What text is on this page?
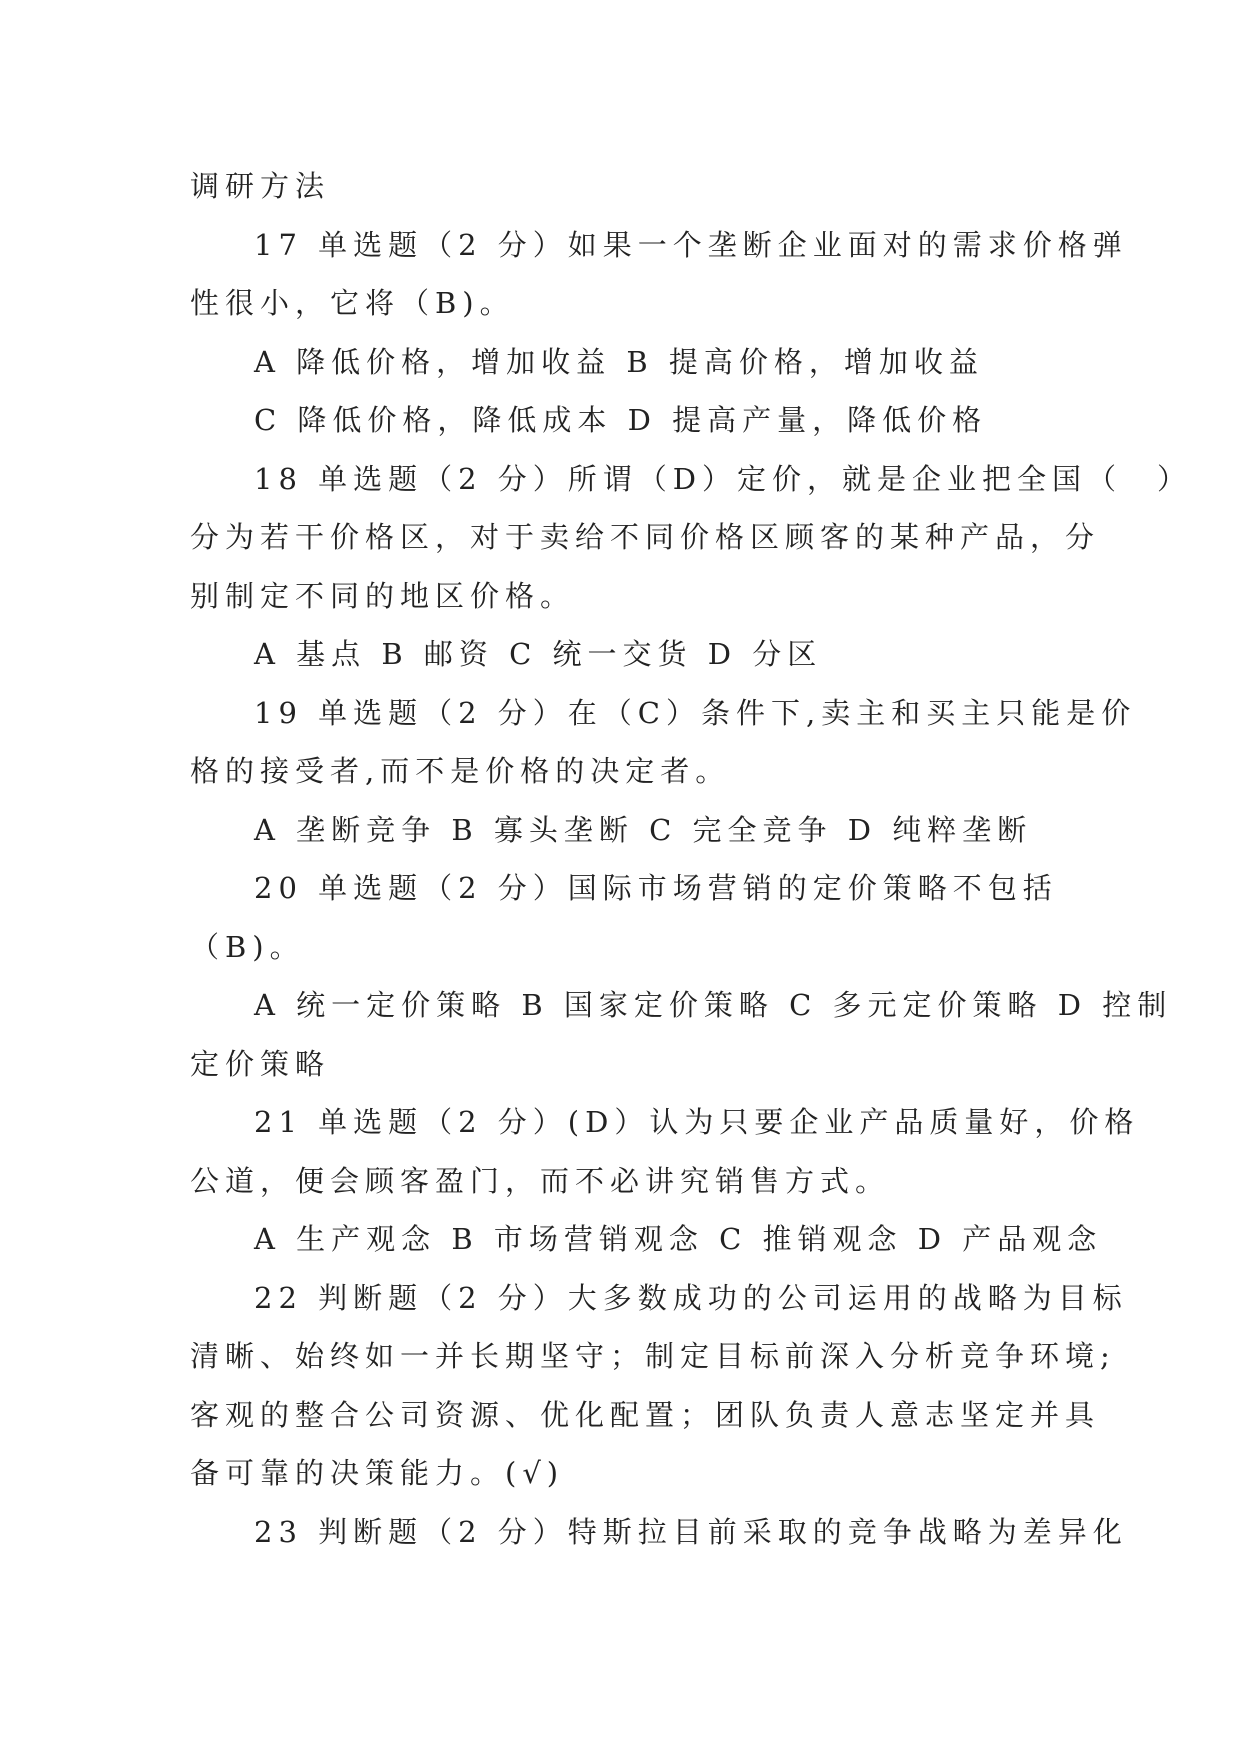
调研方法
17 单选题（2 分）如果一个垄断企业面对的需求价格弹
性很小，它将（B)。
A 降低价格，增加收益 B 提高价格，增加收益
C 降低价格，降低成本 D 提高产量，降低价格
18 单选题（2 分）所谓（D）定价，就是企业把全国（　）
分为若干价格区，对于卖给不同价格区顾客的某种产品，分
别制定不同的地区价格。
A 基点 B 邮资 C 统一交货 D 分区
19 单选题（2 分）在（C）条件下,卖主和买主只能是价
格的接受者,而不是价格的决定者。
A 垄断竞争 B 寡头垄断 C 完全竞争 D 纯粹垄断
20 单选题（2 分）国际市场营销的定价策略不包括
（B)。
A 统一定价策略 B 国家定价策略 C 多元定价策略 D 控制
定价策略
21 单选题（2 分）(D）认为只要企业产品质量好，价格
公道，便会顾客盈门，而不必讲究销售方式。
A 生产观念 B 市场营销观念 C 推销观念 D 产品观念
22 判断题（2 分）大多数成功的公司运用的战略为目标
清晰、始终如一并长期坚守；制定目标前深入分析竞争环境;
客观的整合公司资源、优化配置；团队负责人意志坚定并具
备可靠的决策能力。(√)
23 判断题（2 分）特斯拉目前采取的竞争战略为差异化
